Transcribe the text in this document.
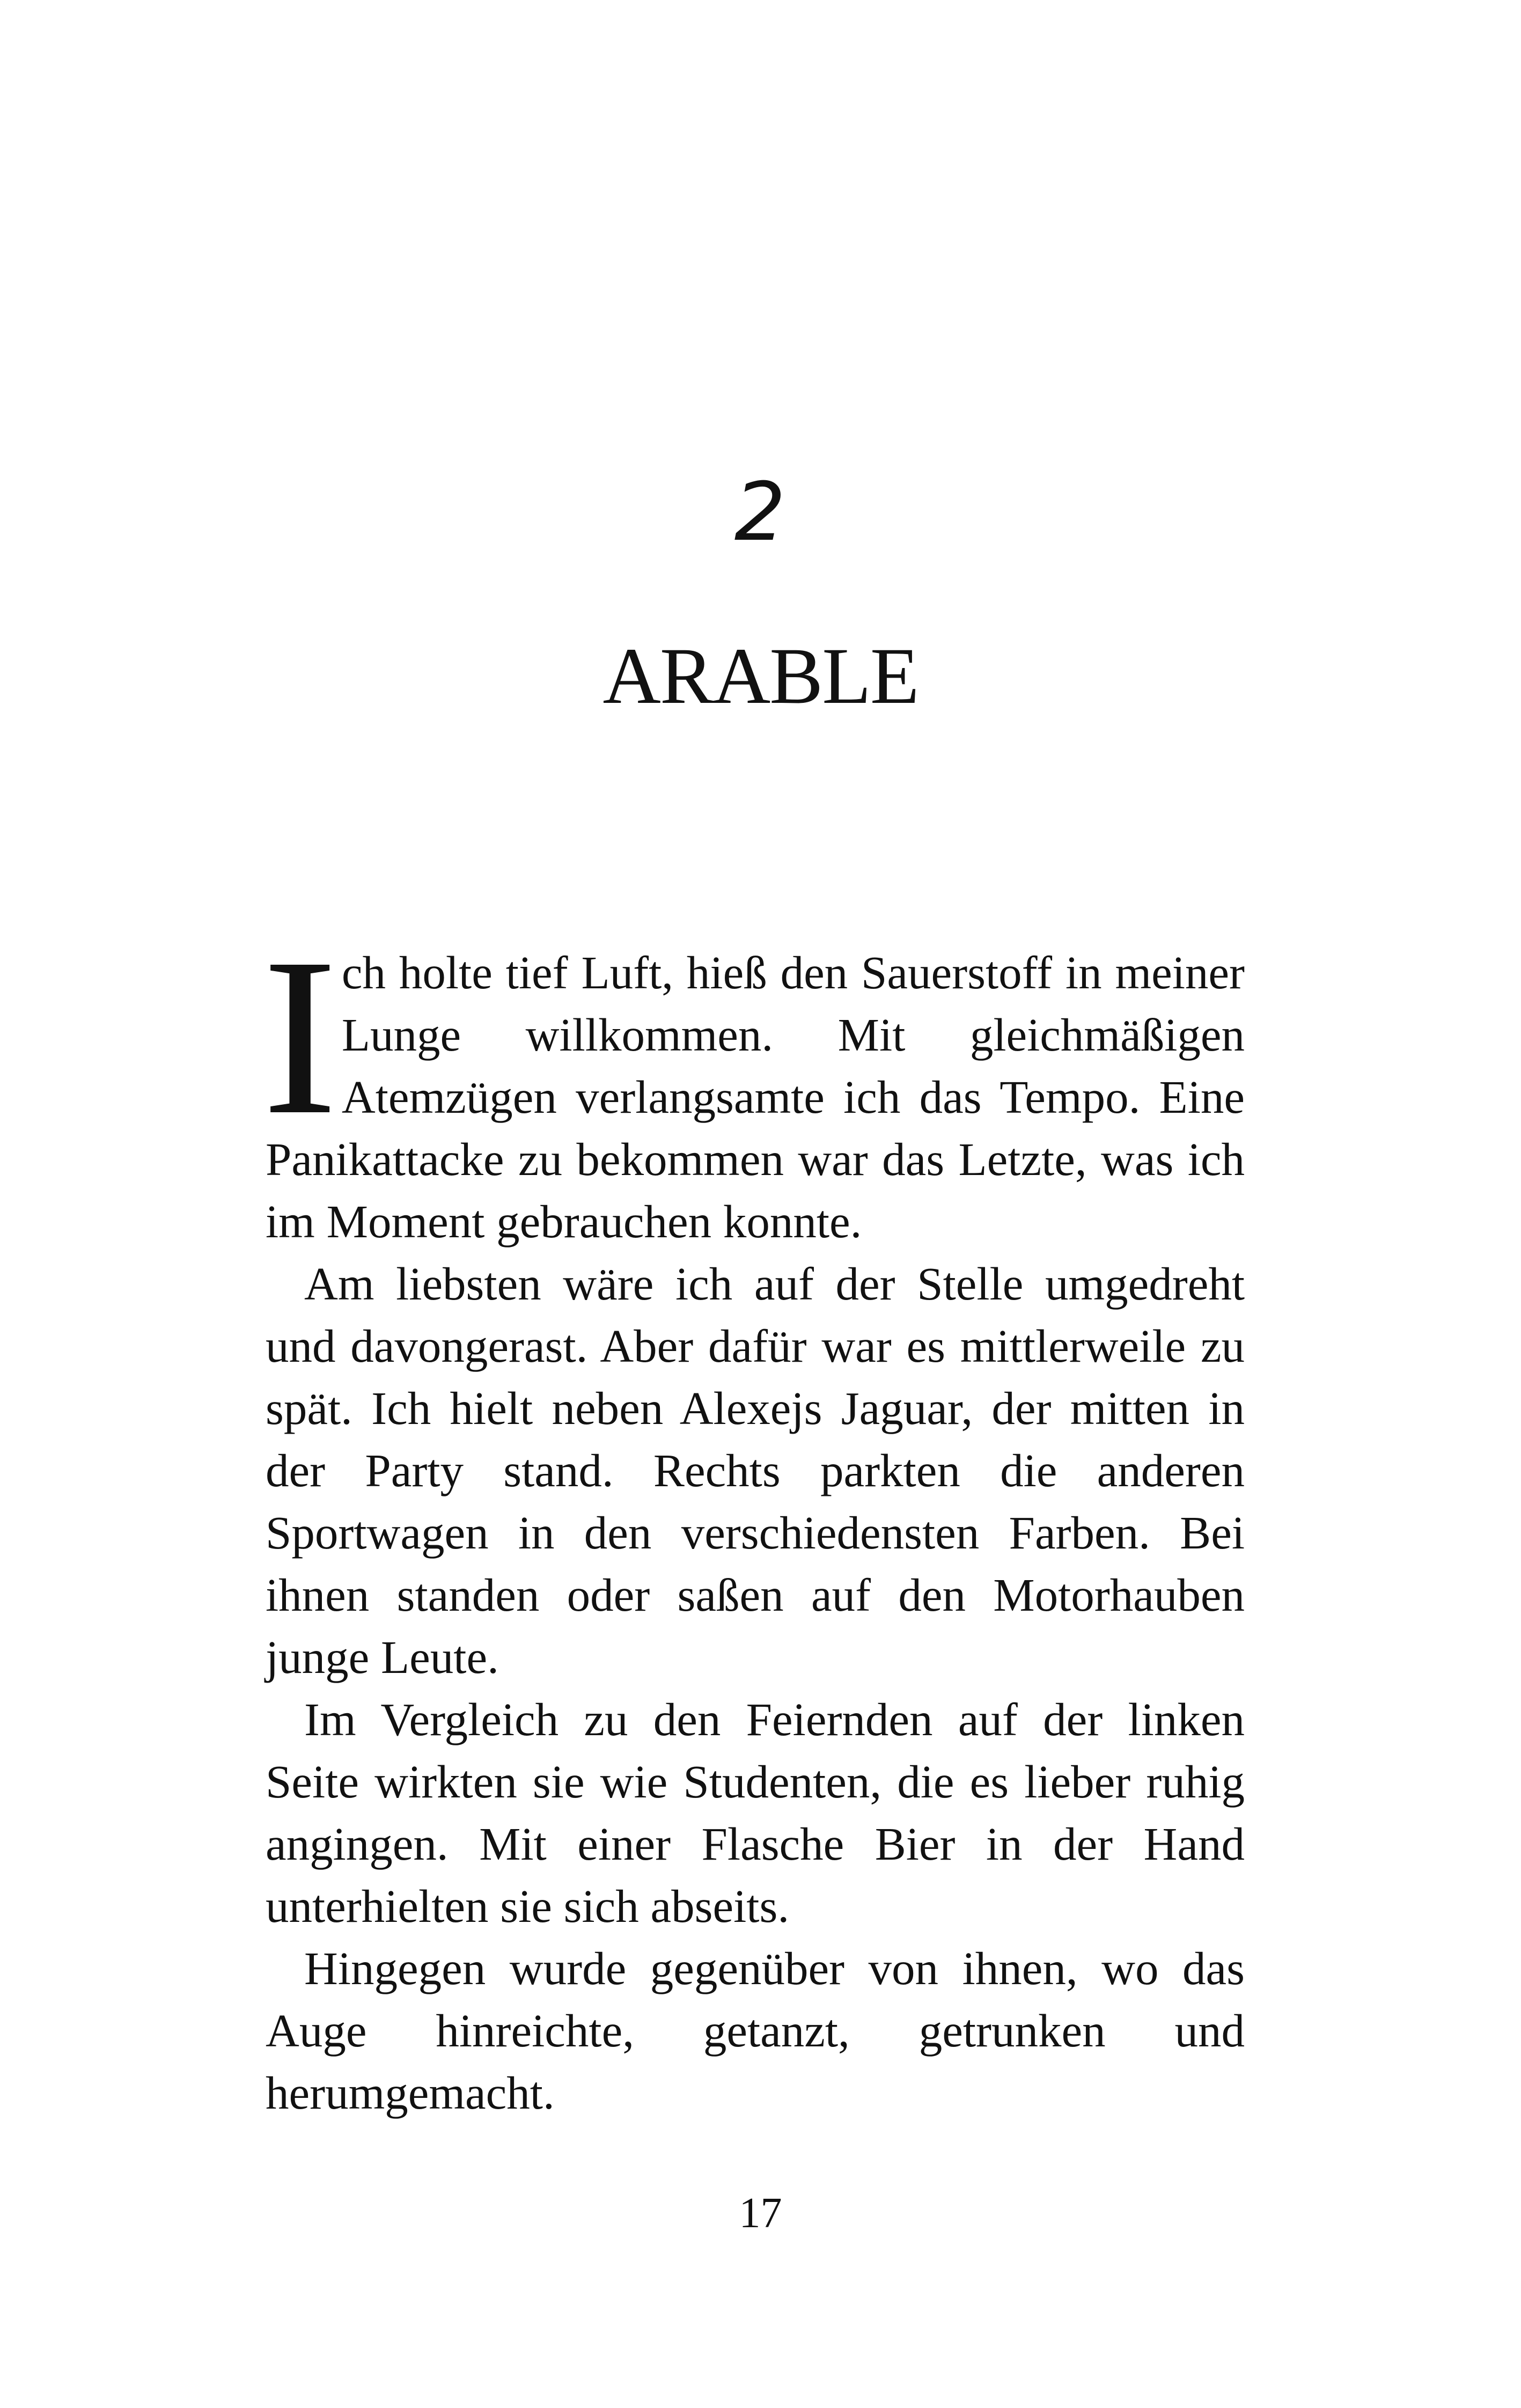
2
ARABLE

Ich holte tief Luft, hieß den Sauerstoff in meiner Lunge willkommen. Mit gleichmäßigen Atemzügen verlangsamte ich das Tempo. Eine Panikattacke zu bekommen war das Letzte, was ich im Moment gebrauchen konnte.

Am liebsten wäre ich auf der Stelle umgedreht und davongerast. Aber dafür war es mittlerweile zu spät. Ich hielt neben Alexejs Jaguar, der mitten in der Party stand. Rechts parkten die anderen Sportwagen in den verschiedensten Farben. Bei ihnen standen oder saßen auf den Motorhauben junge Leute.

Im Vergleich zu den Feiernden auf der linken Seite wirkten sie wie Studenten, die es lieber ruhig angingen. Mit einer Flasche Bier in der Hand unterhielten sie sich abseits.

Hingegen wurde gegenüber von ihnen, wo das Auge hinreichte, getanzt, getrunken und herumgemacht.

17
